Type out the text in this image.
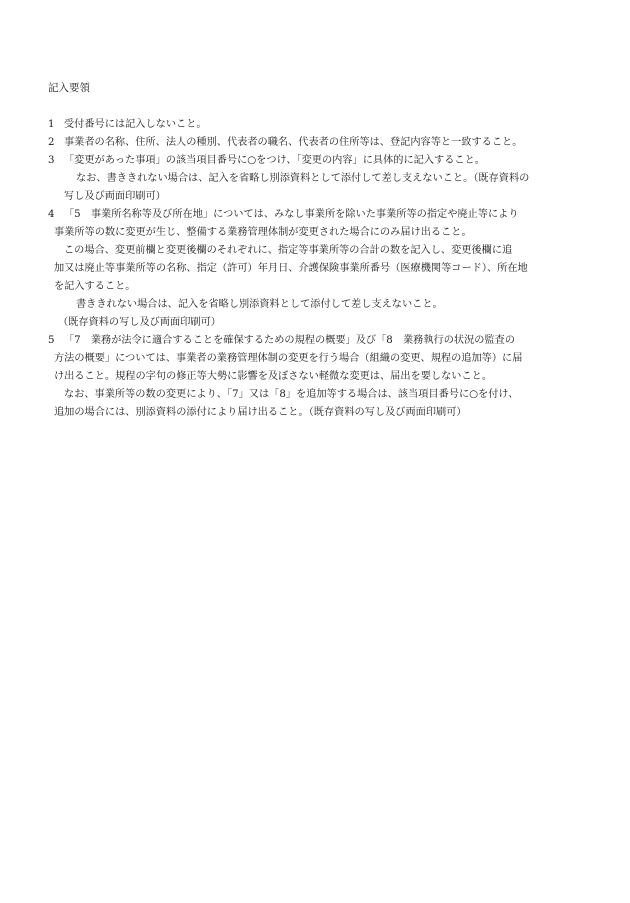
記入要領
1 受付番号には記入しないこと。
2 事業者の名称、住所、法人の種別、代表者の職名、代表者の住所等は、登記内容等と一致すること。
3 「変更があった事項」の該当項目番号に○をつけ、「変更の内容」に具体的に記入すること。
なお、書ききれない場合は、記入を省略し別添資料として添付して差し支えないこと。（既存資料の
写し及び両面印刷可）
4 「5　事業所名称等及び所在地」については、みなし事業所を除いた事業所等の指定や廃止等により
事業所等の数に変更が生じ、整備する業務管理体制が変更された場合にのみ届け出ること。
この場合、変更前欄と変更後欄のそれぞれに、指定等事業所等の合計の数を記入し、変更後欄に追
加又は廃止等事業所等の名称、指定（許可）年月日、介護保険事業所番号（医療機関等コード）、所在地
を記入すること。
書ききれない場合は、記入を省略し別添資料として添付して差し支えないこと。
（既存資料の写し及び両面印刷可）
5 「7　業務が法令に適合することを確保するための規程の概要」及び「8　業務執行の状況の監査の
方法の概要」については、事業者の業務管理体制の変更を行う場合（組織の変更、規程の追加等）に届
け出ること。規程の字句の修正等大勢に影響を及ぼさない軽微な変更は、届出を要しないこと。
なお、事業所等の数の変更により、「7」又は「8」を追加等する場合は、該当項目番号に○を付け、
追加の場合には、別添資料の添付により届け出ること。（既存資料の写し及び両面印刷可）
